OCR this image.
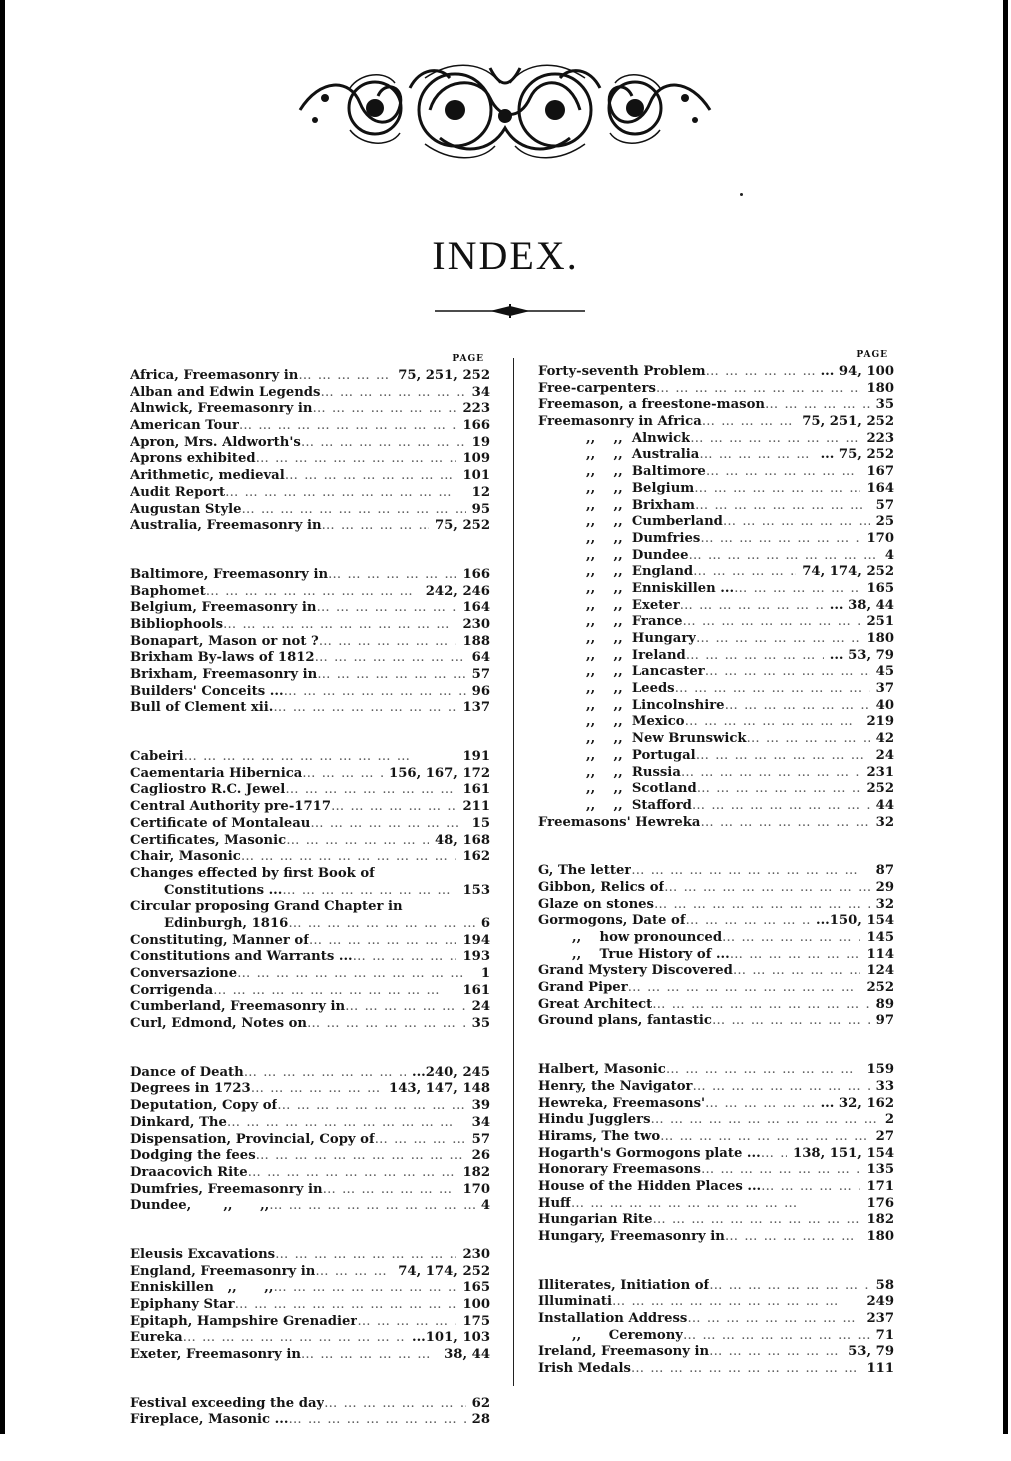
INDEX.
PAGE
Africa, Freemasonry in … … … … … … … … … … … …	75, 251, 252
Alban and Edwin Legends … … … … … … … … … … … …	34
Alnwick, Freemasonry in … … … … … … … … … … … …	223
American Tour … … … … … … … … … … … …	166
Apron, Mrs. Aldworth's … … … … … … … … … … … …	19
Aprons exhibited … … … … … … … … … … … …	109
Arithmetic, medieval … … … … … … … … … … … …	101
Audit Report … … … … … … … … … … … …	12
Augustan Style … … … … … … … … … … … …	95
Australia, Freemasonry in … … … … … … … … … … … …	75, 252
Baltimore, Freemasonry in … … … … … … … … … … … …	166
Baphomet … … … … … … … … … … … …	242, 246
Belgium, Freemasonry in … … … … … … … … … … … …	164
Bibliophools … … … … … … … … … … … …	230
Bonapart, Mason or not ? … … … … … … … … … … … …	188
Brixham By-laws of 1812 … … … … … … … … … … … …	64
Brixham, Freemasonry in … … … … … … … … … … … …	57
Builders' Conceits ... … … … … … … … … … … … …	96
Bull of Clement xii. … … … … … … … … … … … …	137
Cabeiri … … … … … … … … … … … …	191
Caementaria Hibernica … … … … … … … … … … … …	156, 167, 172
Cagliostro R.C. Jewel … … … … … … … … … … … …	161
Central Authority pre-1717 … … … … … … … … … … … …	211
Certificate of Montaleau … … … … … … … … … … … …	15
Certificates, Masonic … … … … … … … … … … … …	48, 168
Chair, Masonic … … … … … … … … … … … …	162
Changes effected by first Book of
Constitutions ... … … … … … … … … … … … …	153
Circular proposing Grand Chapter in
Edinburgh, 1816 … … … … … … … … … … … …	6
Constituting, Manner of … … … … … … … … … … … …	194
Constitutions and Warrants ... … … … … … … … … … … … …	193
Conversazione … … … … … … … … … … … …	1
Corrigenda … … … … … … … … … … … …	161
Cumberland, Freemasonry in … … … … … … … … … … … …	24
Curl, Edmond, Notes on … … … … … … … … … … … …	35
Dance of Death … … … … … … … … … … … …	...240, 245
Degrees in 1723 … … … … … … … … … … … …	143, 147, 148
Deputation, Copy of … … … … … … … … … … … …	39
Dinkard, The … … … … … … … … … … … …	34
Dispensation, Provincial, Copy of … … … … … … … … … … … …	57
Dodging the fees … … … … … … … … … … … …	26
Draacovich Rite … … … … … … … … … … … …	182
Dumfries, Freemasonry in … … … … … … … … … … … …	170
Dundee,       ,,      ,, … … … … … … … … … … … …	4
Eleusis Excavations … … … … … … … … … … … …	230
England, Freemasonry in … … … … … … … … … … … …	74, 174, 252
Enniskillen   ,,      ,, … … … … … … … … … … … …	165
Epiphany Star … … … … … … … … … … … …	100
Epitaph, Hampshire Grenadier … … … … … … … … … … … …	175
Eureka … … … … … … … … … … … …	...101, 103
Exeter, Freemasonry in … … … … … … … … … … … …	38, 44
Festival exceeding the day … … … … … … … … … … … …	62
Fireplace, Masonic ... … … … … … … … … … … … …	28
PAGE
Forty-seventh Problem … … … … … … … … … … … …	... 94, 100
Free-carpenters … … … … … … … … … … … …	180
Freemason, a freestone-mason … … … … … … … … … … … …	35
Freemasonry in Africa … … … … … … … … … … … …	75, 251, 252
,,    ,,  Alnwick … … … … … … … … … … … …	223
,,    ,,  Australia … … … … … … … … … … … …	... 75, 252
,,    ,,  Baltimore … … … … … … … … … … … …	167
,,    ,,  Belgium … … … … … … … … … … … …	164
,,    ,,  Brixham … … … … … … … … … … … …	57
,,    ,,  Cumberland … … … … … … … … … … … …	25
,,    ,,  Dumfries … … … … … … … … … … … …	170
,,    ,,  Dundee … … … … … … … … … … … …	4
,,    ,,  England … … … … … … … … … … … …	74, 174, 252
,,    ,,  Enniskillen ... … … … … … … … … … … … …	165
,,    ,,  Exeter … … … … … … … … … … … …	... 38, 44
,,    ,,  France … … … … … … … … … … … …	251
,,    ,,  Hungary … … … … … … … … … … … …	180
,,    ,,  Ireland … … … … … … … … … … … …	... 53, 79
,,    ,,  Lancaster … … … … … … … … … … … …	45
,,    ,,  Leeds … … … … … … … … … … … …	37
,,    ,,  Lincolnshire … … … … … … … … … … … …	40
,,    ,,  Mexico … … … … … … … … … … … …	219
,,    ,,  New Brunswick … … … … … … … … … … … …	42
,,    ,,  Portugal … … … … … … … … … … … …	24
,,    ,,  Russia … … … … … … … … … … … …	231
,,    ,,  Scotland … … … … … … … … … … … …	252
,,    ,,  Stafford … … … … … … … … … … … …	44
Freemasons' Hewreka … … … … … … … … … … … …	32
G, The letter … … … … … … … … … … … …	87
Gibbon, Relics of … … … … … … … … … … … …	29
Glaze on stones … … … … … … … … … … … …	32
Gormogons, Date of … … … … … … … … … … … …	...150, 154
,,    how pronounced … … … … … … … … … … … …	145
,,    True History of ... … … … … … … … … … … … …	114
Grand Mystery Discovered … … … … … … … … … … … …	124
Grand Piper … … … … … … … … … … … …	252
Great Architect … … … … … … … … … … … …	89
Ground plans, fantastic … … … … … … … … … … … …	97
Halbert, Masonic … … … … … … … … … … … …	159
Henry, the Navigator … … … … … … … … … … … …	33
Hewreka, Freemasons' … … … … … … … … … … … …	... 32, 162
Hindu Jugglers … … … … … … … … … … … …	2
Hirams, The two … … … … … … … … … … … …	27
Hogarth's Gormogons plate ... … … … … … … … … … … … …	138, 151, 154
Honorary Freemasons … … … … … … … … … … … …	135
House of the Hidden Places ... … … … … … … … … … … … …	171
Huff … … … … … … … … … … … …	176
Hungarian Rite … … … … … … … … … … … …	182
Hungary, Freemasonry in … … … … … … … … … … … …	180
Illiterates, Initiation of … … … … … … … … … … … …	58
Illuminati … … … … … … … … … … … …	249
Installation Address … … … … … … … … … … … …	237
,,      Ceremony … … … … … … … … … … … …	71
Ireland, Freemasony in … … … … … … … … … … … …	53, 79
Irish Medals … … … … … … … … … … … …	111
